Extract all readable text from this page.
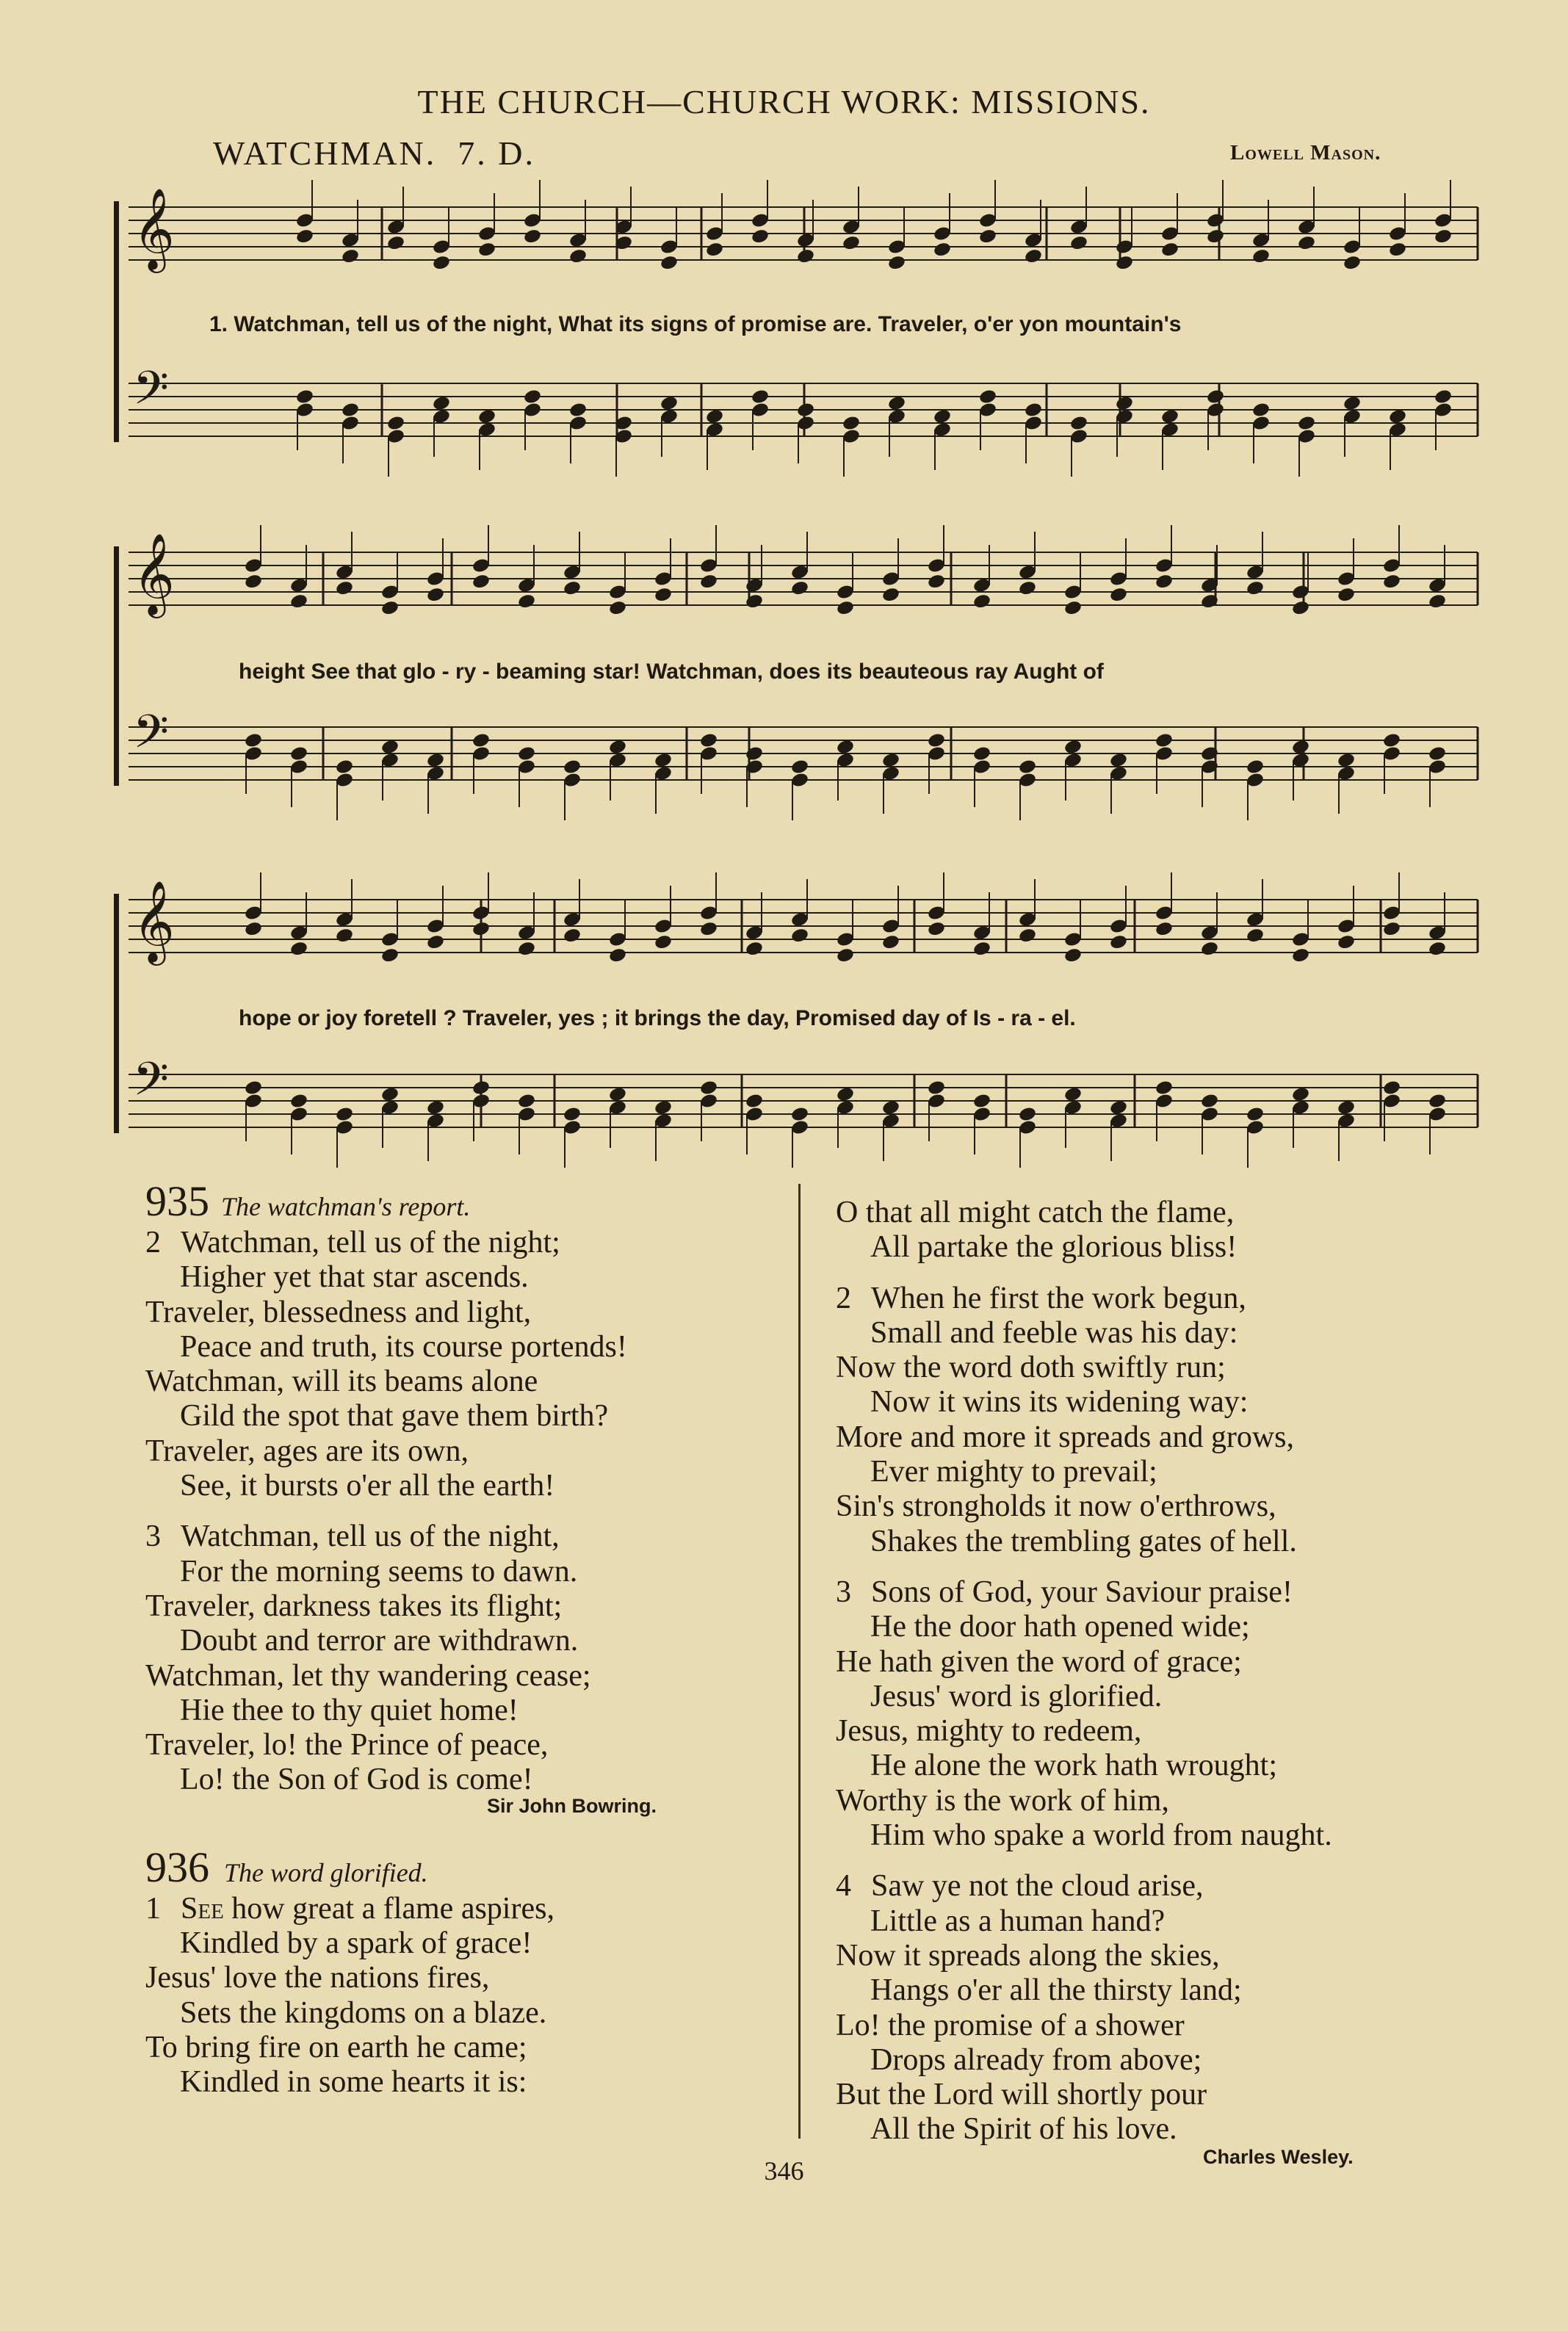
THE CHURCH—CHURCH WORK: MISSIONS.
WATCHMAN. 7. D.	Lowell Mason.
𝄞
𝄢
𝄞
𝄢
𝄞
𝄢
1. Watchman, tell us of the night, What its signs of promise are. Traveler, o'er yon mountain's
height See that glo - ry - beaming star! Watchman, does its beauteous ray Aught of
hope or joy foretell ? Traveler, yes ; it brings the day, Promised day of Is - ra - el.
935 The watchman's report.
2 Watchman, tell us of the night;
Higher yet that star ascends.
Traveler, blessedness and light,
Peace and truth, its course portends!
Watchman, will its beams alone
Gild the spot that gave them birth?
Traveler, ages are its own,
See, it bursts o'er all the earth!
3 Watchman, tell us of the night,
For the morning seems to dawn.
Traveler, darkness takes its flight;
Doubt and terror are withdrawn.
Watchman, let thy wandering cease;
Hie thee to thy quiet home!
Traveler, lo! the Prince of peace,
Lo! the Son of God is come!
Sir John Bowring.
936 The word glorified.
1 See how great a flame aspires,
Kindled by a spark of grace!
Jesus' love the nations fires,
Sets the kingdoms on a blaze.
To bring fire on earth he came;
Kindled in some hearts it is:
O that all might catch the flame,
All partake the glorious bliss!
2 When he first the work begun,
Small and feeble was his day:
Now the word doth swiftly run;
Now it wins its widening way:
More and more it spreads and grows,
Ever mighty to prevail;
Sin's strongholds it now o'erthrows,
Shakes the trembling gates of hell.
3 Sons of God, your Saviour praise!
He the door hath opened wide;
He hath given the word of grace;
Jesus' word is glorified.
Jesus, mighty to redeem,
He alone the work hath wrought;
Worthy is the work of him,
Him who spake a world from naught.
4 Saw ye not the cloud arise,
Little as a human hand?
Now it spreads along the skies,
Hangs o'er all the thirsty land;
Lo! the promise of a shower
Drops already from above;
But the Lord will shortly pour
All the Spirit of his love.
Charles Wesley.
346
